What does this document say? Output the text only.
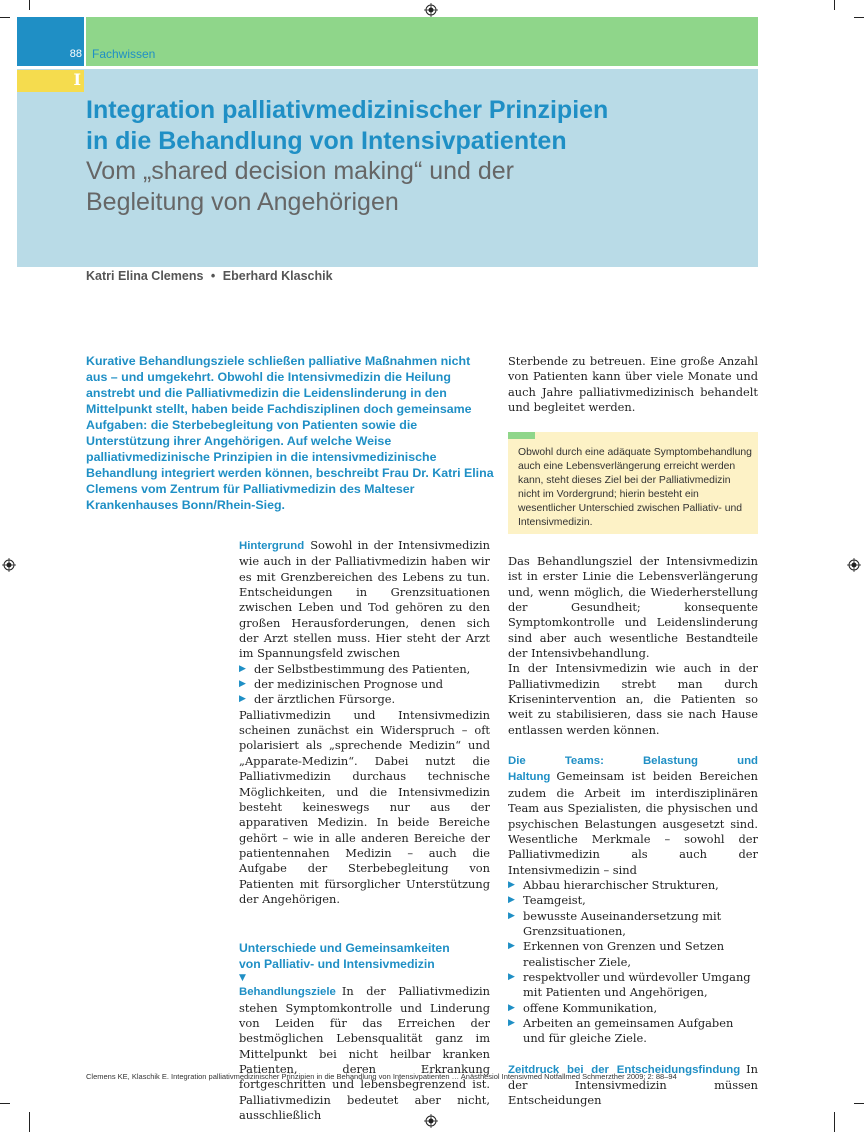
88 Fachwissen
I
Integration palliativmedizinischer Prinzipien
in die Behandlung von Intensivpatienten
Vom „shared decision making“ und der
Begleitung von Angehörigen
Katri Elina Clemens • Eberhard Klaschik
Kurative Behandlungsziele schließen palliative Maßnahmen nicht aus – und umgekehrt. Obwohl die Intensivmedizin die Heilung anstrebt und die Palliativmedizin die Leidenslinderung in den Mittelpunkt stellt, haben beide Fachdisziplinen doch gemeinsame Aufgaben: die Sterbebegleitung von Patienten sowie die Unterstützung ihrer Angehörigen. Auf welche Weise palliativmedizinische Prinzipien in die intensivmedizinische Behandlung integriert werden können, beschreibt Frau Dr. Katri Elina Clemens vom Zentrum für Palliativmedizin des Malteser Krankenhauses Bonn/Rhein-Sieg.

Hintergrund Sowohl in der Intensivmedizin wie auch in der Palliativmedizin haben wir es mit Grenzbereichen des Lebens zu tun. Entscheidungen in Grenzsituationen zwischen Leben und Tod gehören zu den großen Herausforderungen, denen sich der Arzt stellen muss. Hier steht der Arzt im Spannungsfeld zwischen

▶ der Selbstbestimmung des Patienten,
▶ der medizinischen Prognose und
▶ der ärztlichen Fürsorge.

Palliativmedizin und Intensivmedizin scheinen zunächst ein Widerspruch – oft polarisiert als „sprechende Medizin“ und „Apparate-Medizin“. Dabei nutzt die Palliativmedizin durchaus technische Möglichkeiten, und die Intensivmedizin besteht keineswegs nur aus der apparativen Medizin. In beide Bereiche gehört – wie in alle anderen Bereiche der patientennahen Medizin – auch die Aufgabe der Sterbebegleitung von Patienten mit fürsorglicher Unterstützung der Angehörigen.

Unterschiede und Gemeinsamkeiten
von Palliativ- und Intensivmedizin

▼

Behandlungsziele In der Palliativmedizin stehen Symptomkontrolle und Linderung von Leiden für das Erreichen der bestmöglichen Lebensqualität ganz im Mittelpunkt bei nicht heilbar kranken Patienten, deren Erkrankung fortgeschritten und lebensbegrenzend ist. Palliativmedizin bedeutet aber nicht, ausschließlich

Sterbende zu betreuen. Eine große Anzahl von Patienten kann über viele Monate und auch Jahre palliativmedizinisch behandelt und begleitet werden.

Obwohl durch eine adäquate Symptombehandlung auch eine Lebensverlängerung erreicht werden kann, steht dieses Ziel bei der Palliativmedizin nicht im Vordergrund; hierin besteht ein wesentlicher Unterschied zwischen Palliativ- und Intensivmedizin.

Das Behandlungsziel der Intensivmedizin ist in erster Linie die Lebensverlängerung und, wenn möglich, die Wiederherstellung der Gesundheit; konsequente Symptomkontrolle und Leidenslinderung sind aber auch wesentliche Bestandteile der Intensivbehandlung.

In der Intensivmedizin wie auch in der Palliativmedizin strebt man durch Krisenintervention an, die Patienten so weit zu stabilisieren, dass sie nach Hause entlassen werden können.

Die Teams: Belastung und Haltung Gemeinsam ist beiden Bereichen zudem die Arbeit im interdisziplinären Team aus Spezialisten, die physischen und psychischen Belastungen ausgesetzt sind. Wesentliche Merkmale – sowohl der Palliativmedizin als auch der Intensivmedizin – sind

▶ Abbau hierarchischer Strukturen,
▶ Teamgeist,
▶ bewusste Auseinandersetzung mit Grenzsituationen,
▶ Erkennen von Grenzen und Setzen realistischer Ziele,
▶ respektvoller und würdevoller Umgang mit Patienten und Angehörigen,
▶ offene Kommunikation,
▶ Arbeiten an gemeinsamen Aufgaben und für gleiche Ziele.

Zeitdruck bei der Entscheidungsfindung In der Intensivmedizin müssen Entscheidungen

Clemens KE, Klaschik E. Integration palliativmedizinischer Prinzipien in die Behandlung von Intensivpatienten … Anästhesiol Intensivmed Notfallmed Schmerzther 2009; 2: 88–94
